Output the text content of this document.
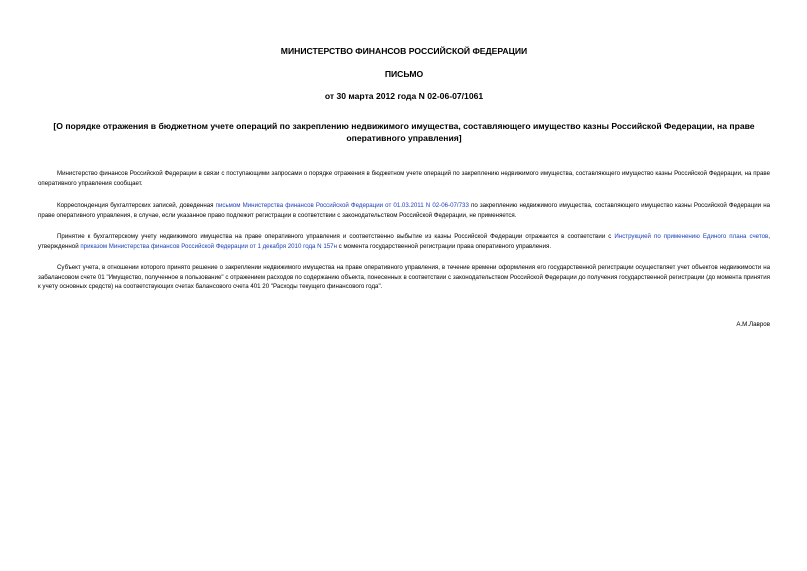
МИНИСТЕРСТВО ФИНАНСОВ РОССИЙСКОЙ ФЕДЕРАЦИИ
ПИСЬМО
от 30 марта 2012 года N 02-06-07/1061
[О порядке отражения в бюджетном учете операций по закреплению недвижимого имущества, составляющего имущество казны Российской Федерации, на праве оперативного управления]

Министерство финансов Российской Федерации в связи с поступающими запросами о порядке отражения в бюджетном учете операций по закреплению недвижимого имущества, составляющего имущество казны Российской Федерации, на праве оперативного управления сообщает.

Корреспонденция бухгалтерских записей, доведенная письмом Министерства финансов Российской Федерации от 01.03.2011 N 02-06-07/733 по закреплению недвижимого имущества, составляющего имущество казны Российской Федерации на праве оперативного управления, в случае, если указанное право подлежит регистрации в соответствии с законодательством Российской Федерации, не применяется.

Принятие к бухгалтерскому учету недвижимого имущества на праве оперативного управления и соответственно выбытие из казны Российской Федерации отражается в соответствии с Инструкцией по применению Единого плана счетов, утвержденной приказом Министерства финансов Российской Федерации от 1 декабря 2010 года N 157н с момента государственной регистрации права оперативного управления.

Субъект учета, в отношении которого принято решение о закреплении недвижимого имущества на праве оперативного управления, в течение времени оформления его государственной регистрации осуществляет учет объектов недвижимости на забалансовом счете 01 "Имущество, полученное в пользование" с отражением расходов по содержанию объекта, понесенных в соответствии с законодательством Российской Федерации до получения государственной регистрации (до момента принятия к учету основных средств) на соответствующих счетах балансового счета 401 20 "Расходы текущего финансового года".

А.М.Лавров
